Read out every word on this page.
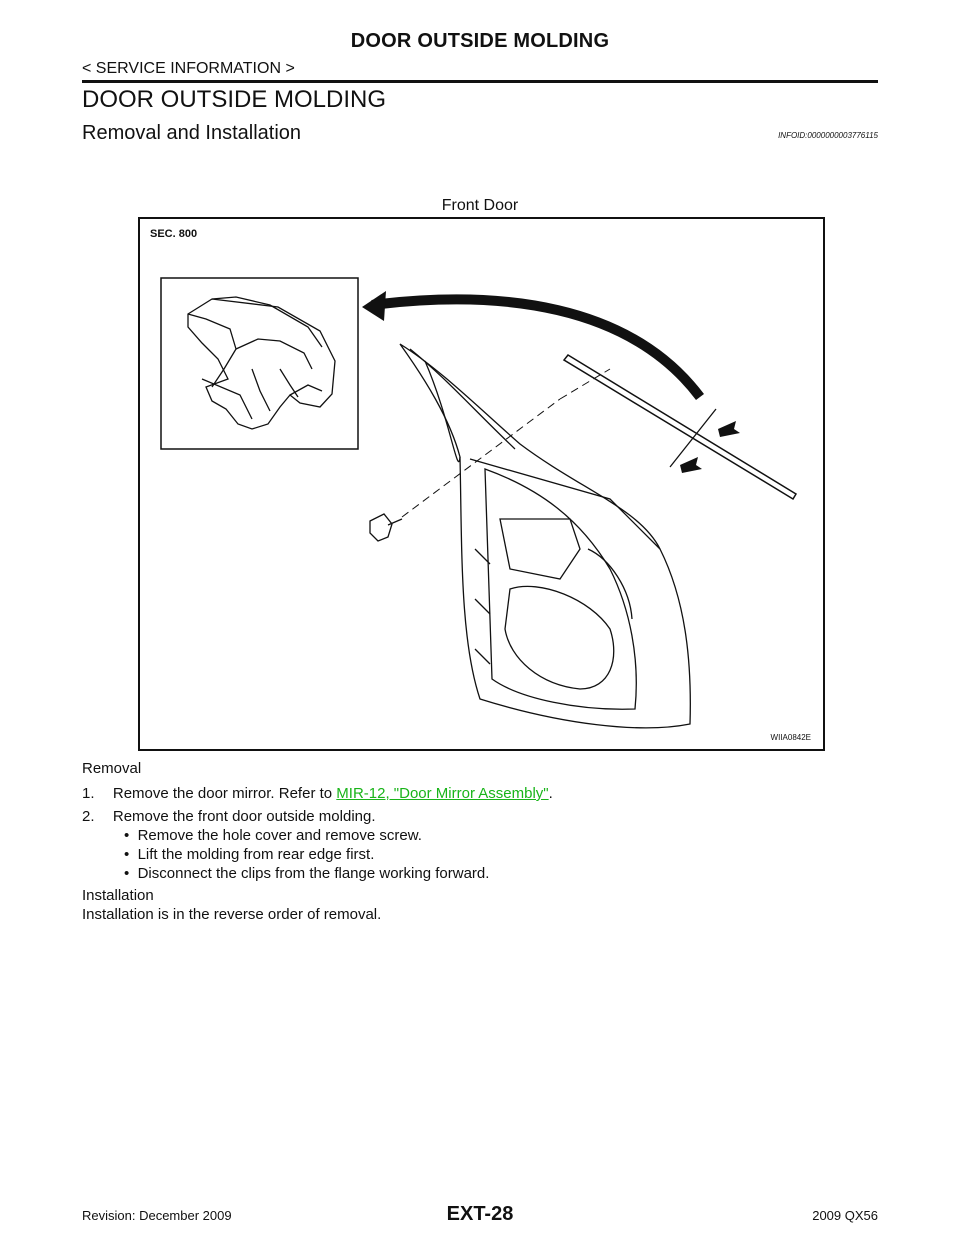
DOOR OUTSIDE MOLDING
< SERVICE INFORMATION >
DOOR OUTSIDE MOLDING
Removal and Installation	INFOID:0000000003776115
Front Door
SEC. 800
WIIA0842E
Removal
1. Remove the door mirror. Refer to MIR-12, "Door Mirror Assembly".
2. Remove the front door outside molding.
•  Remove the hole cover and remove screw.
•  Lift the molding from rear edge first.
•  Disconnect the clips from the flange working forward.
Installation
Installation is in the reverse order of removal.
Revision: December 2009	EXT-28	2009 QX56
